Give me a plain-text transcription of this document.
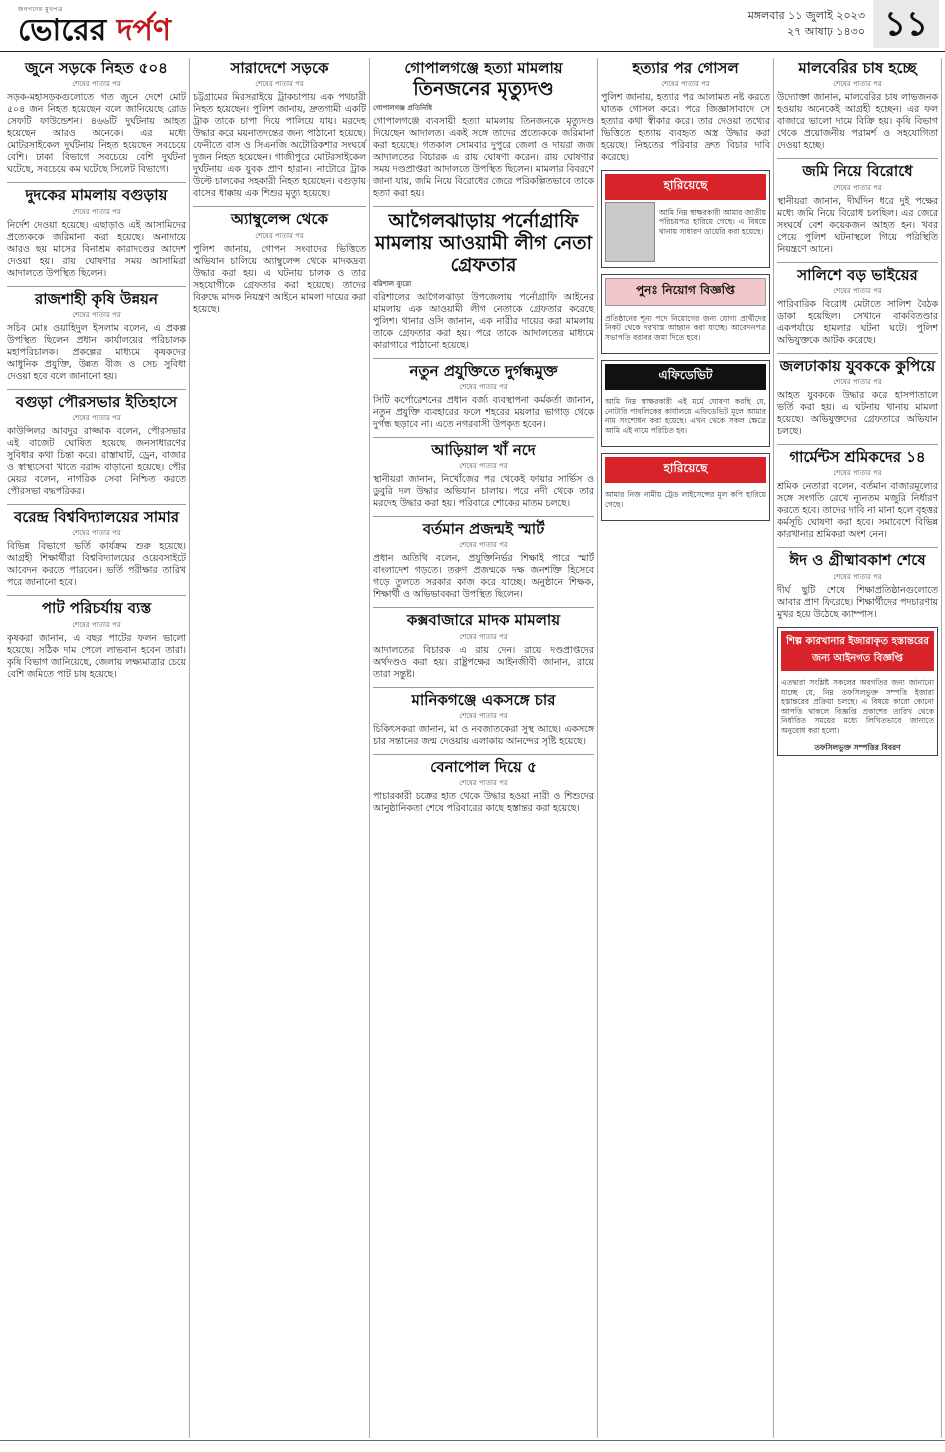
জনগণের মুখপত্র
ভোরের দর্পণ	মঙ্গলবার ১১ জুলাই ২০২৩
২৭ আষাঢ় ১৪৩০ ১১
জুনে সড়কে নিহত ৫০৪
শেষের পাতার পর

সড়ক-মহাসড়কগুলোতে গত জুনে দেশে মোট ৫০৪ জন নিহত হয়েছেন বলে জানিয়েছে রোড সেফটি ফাউন্ডেশন। ৪৬৬টি দুর্ঘটনায় আহত হয়েছেন আরও অনেকে। এর মধ্যে মোটরসাইকেল দুর্ঘটনায় নিহত হয়েছেন সবচেয়ে বেশি। ঢাকা বিভাগে সবচেয়ে বেশি দুর্ঘটনা ঘটেছে, সবচেয়ে কম ঘটেছে সিলেট বিভাগে।

দুদকের মামলায় বগুড়ায়
শেষের পাতার পর

নির্দেশ দেওয়া হয়েছে। এছাড়াও এই আসামিদের প্রত্যেককে জরিমানা করা হয়েছে। অনাদায়ে আরও ছয় মাসের বিনাশ্রম কারাদণ্ডের আদেশ দেওয়া হয়। রায় ঘোষণার সময় আসামিরা আদালতে উপস্থিত ছিলেন।

রাজশাহী কৃষি উন্নয়ন
শেষের পাতার পর

সচিব মোঃ ওয়াহিদুল ইসলাম বলেন, এ প্রকল্প উপস্থিত ছিলেন প্রধান কার্যালয়ের পরিচালক মহাপরিচালক। প্রকল্পের মাধ্যমে কৃষকদের আধুনিক প্রযুক্তি, উন্নত বীজ ও সেচ সুবিধা দেওয়া হবে বলে জানানো হয়।

বগুড়া পৌরসভার ইতিহাসে
শেষের পাতার পর

কাউন্সিলর আবদুর রাজ্জাক বলেন, পৌরসভার এই বাজেট ঘোষিত হয়েছে জনসাধারণের সুবিধার কথা চিন্তা করে। রাস্তাঘাট, ড্রেন, বাজার ও স্বাস্থ্যসেবা খাতে বরাদ্দ বাড়ানো হয়েছে। পৌর মেয়র বলেন, নাগরিক সেবা নিশ্চিত করতে পৌরসভা বদ্ধপরিকর।

বরেন্দ্র বিশ্ববিদ্যালয়ের সামার
শেষের পাতার পর

বিভিন্ন বিভাগে ভর্তি কার্যক্রম শুরু হয়েছে। আগ্রহী শিক্ষার্থীরা বিশ্ববিদ্যালয়ের ওয়েবসাইটে আবেদন করতে পারবেন। ভর্তি পরীক্ষার তারিখ পরে জানানো হবে।

পাট পরিচর্যায় ব্যস্ত
শেষের পাতার পর

কৃষকরা জানান, এ বছর পাটের ফলন ভালো হয়েছে। সঠিক দাম পেলে লাভবান হবেন তারা। কৃষি বিভাগ জানিয়েছে, জেলায় লক্ষ্যমাত্রার চেয়ে বেশি জমিতে পাট চাষ হয়েছে।

সারাদেশে সড়কে
শেষের পাতার পর

চট্টগ্রামের মিরসরাইয়ে ট্রাকচাপায় এক পথচারী নিহত হয়েছেন। পুলিশ জানায়, দ্রুতগামী একটি ট্রাক তাকে চাপা দিয়ে পালিয়ে যায়। মরদেহ উদ্ধার করে ময়নাতদন্তের জন্য পাঠানো হয়েছে। ফেনীতে বাস ও সিএনজি অটোরিকশার সংঘর্ষে দুজন নিহত হয়েছেন। গাজীপুরে মোটরসাইকেল দুর্ঘটনায় এক যুবক প্রাণ হারান। নাটোরে ট্রাক উল্টে চালকের সহকারী নিহত হয়েছেন। বগুড়ায় বাসের ধাক্কায় এক শিশুর মৃত্যু হয়েছে।

অ্যাম্বুলেন্স থেকে
শেষের পাতার পর

পুলিশ জানায়, গোপন সংবাদের ভিত্তিতে অভিযান চালিয়ে অ্যাম্বুলেন্স থেকে মাদকদ্রব্য উদ্ধার করা হয়। এ ঘটনায় চালক ও তার সহযোগীকে গ্রেফতার করা হয়েছে। তাদের বিরুদ্ধে মাদক নিয়ন্ত্রণ আইনে মামলা দায়ের করা হয়েছে।

গোপালগঞ্জে হত্যা মামলায়
তিনজনের মৃত্যুদণ্ড
গোপালগঞ্জ প্রতিনিধি

গোপালগঞ্জে ব্যবসায়ী হত্যা মামলায় তিনজনকে মৃত্যুদণ্ড দিয়েছেন আদালত। একই সঙ্গে তাদের প্রত্যেককে জরিমানা করা হয়েছে। গতকাল সোমবার দুপুরে জেলা ও দায়রা জজ আদালতের বিচারক এ রায় ঘোষণা করেন। রায় ঘোষণার সময় দণ্ডপ্রাপ্তরা আদালতে উপস্থিত ছিলেন। মামলার বিবরণে জানা যায়, জমি নিয়ে বিরোধের জেরে পরিকল্পিতভাবে তাকে হত্যা করা হয়।

আগৈলঝাড়ায় পর্নোগ্রাফি মামলায় আওয়ামী লীগ নেতা গ্রেফতার
বরিশাল ব্যুরো

বরিশালের আগৈলঝাড়া উপজেলায় পর্নোগ্রাফি আইনের মামলায় এক আওয়ামী লীগ নেতাকে গ্রেফতার করেছে পুলিশ। থানার ওসি জানান, এক নারীর দায়ের করা মামলায় তাকে গ্রেফতার করা হয়। পরে তাকে আদালতের মাধ্যমে কারাগারে পাঠানো হয়েছে।

নতুন প্রযুক্তিতে দুর্গন্ধমুক্ত
শেষের পাতার পর

সিটি কর্পোরেশনের প্রধান বর্জ্য ব্যবস্থাপনা কর্মকর্তা জানান, নতুন প্রযুক্তি ব্যবহারের ফলে শহরের ময়লার ভাগাড় থেকে দুর্গন্ধ ছড়াবে না। এতে নগরবাসী উপকৃত হবেন।

আড়িয়াল খাঁ নদে
শেষের পাতার পর

স্থানীয়রা জানান, নিখোঁজের পর থেকেই ফায়ার সার্ভিস ও ডুবুরি দল উদ্ধার অভিযান চালায়। পরে নদী থেকে তার মরদেহ উদ্ধার করা হয়। পরিবারে শোকের মাতম চলছে।

বর্তমান প্রজন্মই স্মার্ট
শেষের পাতার পর

প্রধান অতিথি বলেন, প্রযুক্তিনির্ভর শিক্ষাই পারে স্মার্ট বাংলাদেশ গড়তে। তরুণ প্রজন্মকে দক্ষ জনশক্তি হিসেবে গড়ে তুলতে সরকার কাজ করে যাচ্ছে। অনুষ্ঠানে শিক্ষক, শিক্ষার্থী ও অভিভাবকরা উপস্থিত ছিলেন।

কক্সবাজারে মাদক মামলায়
শেষের পাতার পর

আদালতের বিচারক এ রায় দেন। রায়ে দণ্ডপ্রাপ্তদের অর্থদণ্ডও করা হয়। রাষ্ট্রপক্ষের আইনজীবী জানান, রায়ে তারা সন্তুষ্ট।

মানিকগঞ্জে একসঙ্গে চার
শেষের পাতার পর

চিকিৎসকরা জানান, মা ও নবজাতকেরা সুস্থ আছে। একসঙ্গে চার সন্তানের জন্ম দেওয়ায় এলাকায় আনন্দের সৃষ্টি হয়েছে।

বেনাপোল দিয়ে ৫
শেষের পাতার পর

পাচারকারী চক্রের হাত থেকে উদ্ধার হওয়া নারী ও শিশুদের আনুষ্ঠানিকতা শেষে পরিবারের কাছে হস্তান্তর করা হয়েছে।

হত্যার পর গোসল
শেষের পাতার পর

পুলিশ জানায়, হত্যার পর আলামত নষ্ট করতে ঘাতক গোসল করে। পরে জিজ্ঞাসাবাদে সে হত্যার কথা স্বীকার করে। তার দেওয়া তথ্যের ভিত্তিতে হত্যায় ব্যবহৃত অস্ত্র উদ্ধার করা হয়েছে। নিহতের পরিবার দ্রুত বিচার দাবি করেছে।

হারিয়েছে

আমি নিম্ন স্বাক্ষরকারী আমার জাতীয় পরিচয়পত্র হারিয়ে গেছে। এ বিষয়ে থানায় সাধারণ ডায়েরি করা হয়েছে।

পুনঃ নিয়োগ বিজ্ঞপ্তি

প্রতিষ্ঠানের শূন্য পদে নিয়োগের জন্য যোগ্য প্রার্থীদের নিকট থেকে দরখাস্ত আহ্বান করা যাচ্ছে। আবেদনপত্র সভাপতি বরাবর জমা দিতে হবে।

এফিডেভিট

আমি নিম্ন স্বাক্ষরকারী এই মর্মে ঘোষণা করছি যে, নোটারি পাবলিকের কার্যালয়ে এফিডেভিট মূলে আমার নাম সংশোধন করা হয়েছে। এখন থেকে সকল ক্ষেত্রে আমি এই নামে পরিচিত হব।

হারিয়েছে

আমার নিজ নামীয় ট্রেড লাইসেন্সের মূল কপি হারিয়ে গেছে।

মালবেরির চাষ হচ্ছে
শেষের পাতার পর

উদ্যোক্তা জানান, মালবেরির চাষ লাভজনক হওয়ায় অনেকেই আগ্রহী হচ্ছেন। এর ফল বাজারে ভালো দামে বিক্রি হয়। কৃষি বিভাগ থেকে প্রয়োজনীয় পরামর্শ ও সহযোগিতা দেওয়া হচ্ছে।

জমি নিয়ে বিরোধে
শেষের পাতার পর

স্থানীয়রা জানান, দীর্ঘদিন ধরে দুই পক্ষের মধ্যে জমি নিয়ে বিরোধ চলছিল। এর জেরে সংঘর্ষে বেশ কয়েকজন আহত হন। খবর পেয়ে পুলিশ ঘটনাস্থলে গিয়ে পরিস্থিতি নিয়ন্ত্রণে আনে।

সালিশে বড় ভাইয়ের
শেষের পাতার পর

পারিবারিক বিরোধ মেটাতে সালিশ বৈঠক ডাকা হয়েছিল। সেখানে বাকবিতণ্ডার একপর্যায়ে হামলার ঘটনা ঘটে। পুলিশ অভিযুক্তকে আটক করেছে।

জলঢাকায় যুবককে কুপিয়ে
শেষের পাতার পর

আহত যুবককে উদ্ধার করে হাসপাতালে ভর্তি করা হয়। এ ঘটনায় থানায় মামলা হয়েছে। অভিযুক্তদের গ্রেফতারে অভিযান চলছে।

গার্মেন্টস শ্রমিকদের ১৪
শেষের পাতার পর

শ্রমিক নেতারা বলেন, বর্তমান বাজারমূল্যের সঙ্গে সংগতি রেখে ন্যূনতম মজুরি নির্ধারণ করতে হবে। তাদের দাবি না মানা হলে বৃহত্তর কর্মসূচি ঘোষণা করা হবে। সমাবেশে বিভিন্ন কারখানার শ্রমিকরা অংশ নেন।

ঈদ ও গ্রীষ্মাবকাশ শেষে
শেষের পাতার পর

দীর্ঘ ছুটি শেষে শিক্ষাপ্রতিষ্ঠানগুলোতে আবার প্রাণ ফিরেছে। শিক্ষার্থীদের পদচারণায় মুখর হয়ে উঠেছে ক্যাম্পাস।

শিল্প কারখানার ইজারাকৃত হস্তান্তরের জন্য আইনগত বিজ্ঞপ্তি

এতদ্বারা সংশ্লিষ্ট সকলের অবগতির জন্য জানানো যাচ্ছে যে, নিম্ন তফসিলভুক্ত সম্পত্তি ইজারা হস্তান্তরের প্রক্রিয়া চলছে। এ বিষয়ে কারো কোনো আপত্তি থাকলে বিজ্ঞপ্তি প্রকাশের তারিখ থেকে নির্ধারিত সময়ের মধ্যে লিখিতভাবে জানাতে অনুরোধ করা হলো।

তফসিলভুক্ত সম্পত্তির বিবরণ
